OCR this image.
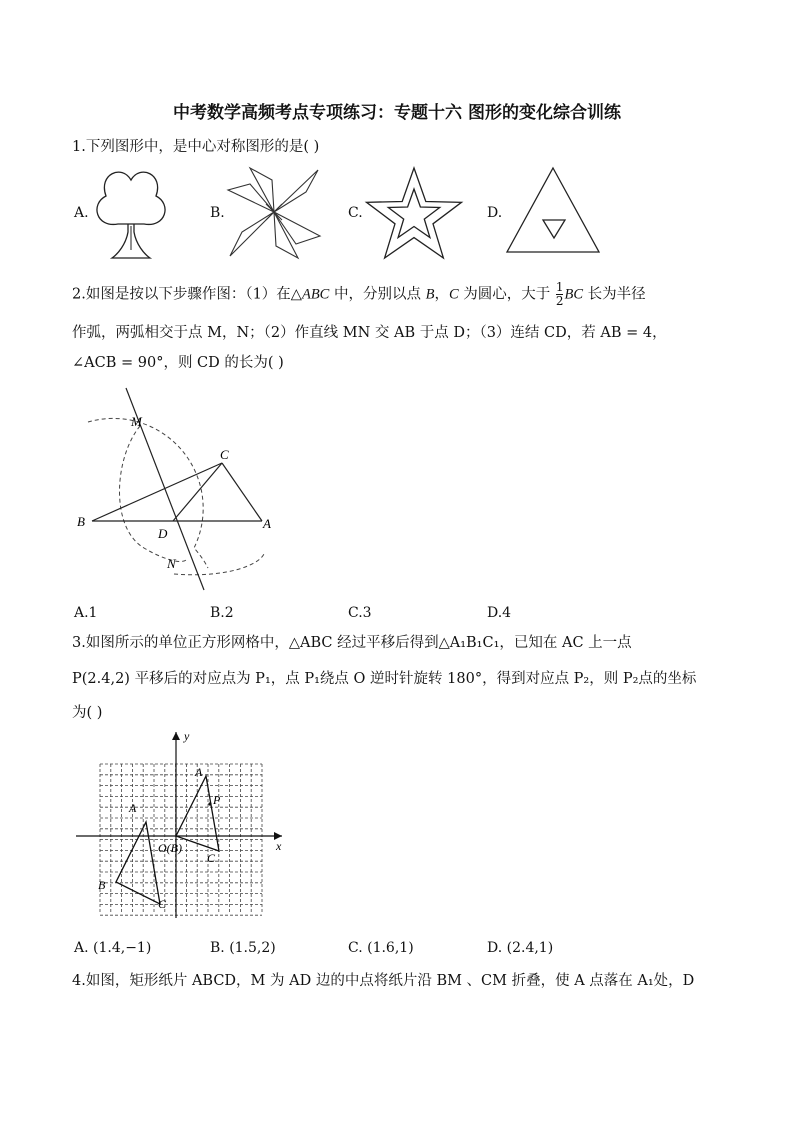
中考数学高频考点专项练习：专题十六 图形的变化综合训练
1.下列图形中，是中心对称图形的是( )
A.	B.	C.	D.
2.如图是按以下步骤作图：（1）在△ABC 中，分别以点 B，C 为圆心，大于 $\frac{1}{2}$ BC 长为半径
作弧，两弧相交于点 M，N；（2）作直线 MN 交 AB 于点 D；（3）连结 CD，若 AB = 4，
∠ACB = 90°，则 CD 的长为( )
M
C
B	A
D
N
A.1	B.2	C.3	D.4
3.如图所示的单位正方形网格中，△ABC 经过平移后得到△A₁B₁C₁，已知在 AC 上一点
P(2.4,2) 平移后的对应点为 P₁，点 P₁绕点 O 逆时针旋转 180°，得到对应点 P₂，则 P₂点的坐标
为( )
y
x
A
P
A
B
C
C
O(B)
A. (1.4,−1)	B. (1.5,2)	C. (1.6,1)	D. (2.4,1)
4.如图，矩形纸片 ABCD，M 为 AD 边的中点将纸片沿 BM 、CM 折叠，使 A 点落在 A₁处，D
